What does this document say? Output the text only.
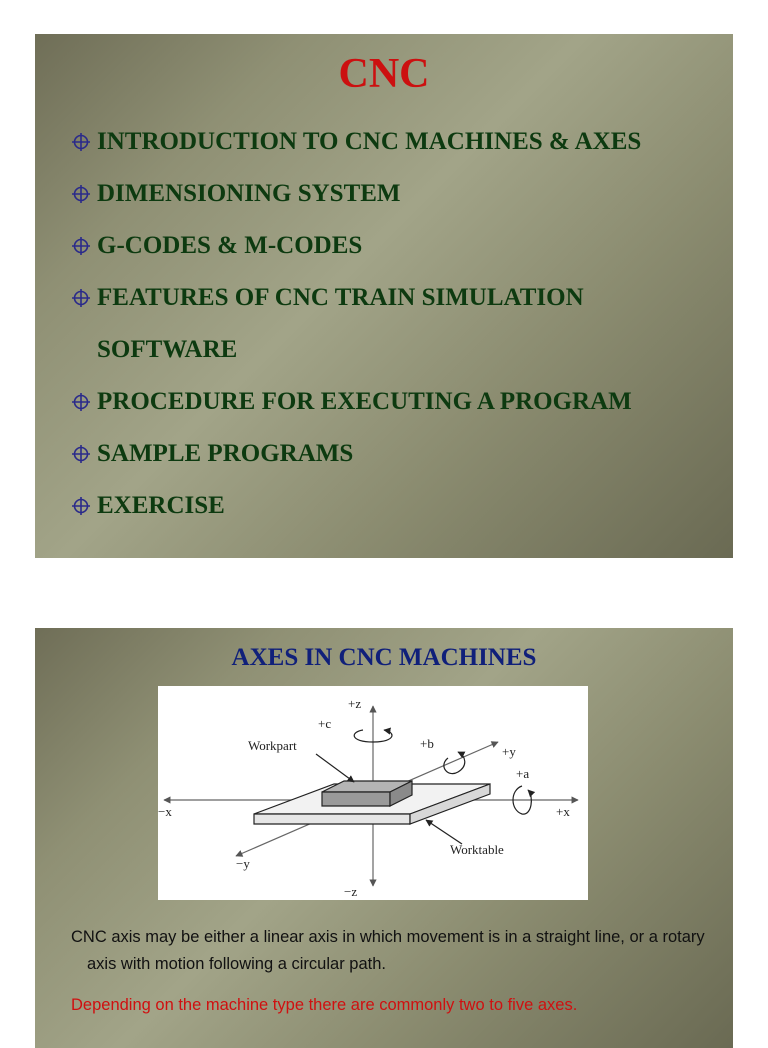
CNC
INTRODUCTION TO CNC MACHINES & AXES
DIMENSIONING SYSTEM
G-CODES & M-CODES
FEATURES OF CNC TRAIN SIMULATION
SOFTWARE
PROCEDURE FOR EXECUTING A PROGRAM
SAMPLE PROGRAMS
EXERCISE
AXES IN CNC MACHINES
+z
+c
Workpart	+b
+y
+a
−x	+x
−y
Worktable
−z
CNC axis may be either a linear axis in which movement is in a straight line, or a rotary axis with motion following a circular path.
Depending on the machine type there are commonly two to five axes.
